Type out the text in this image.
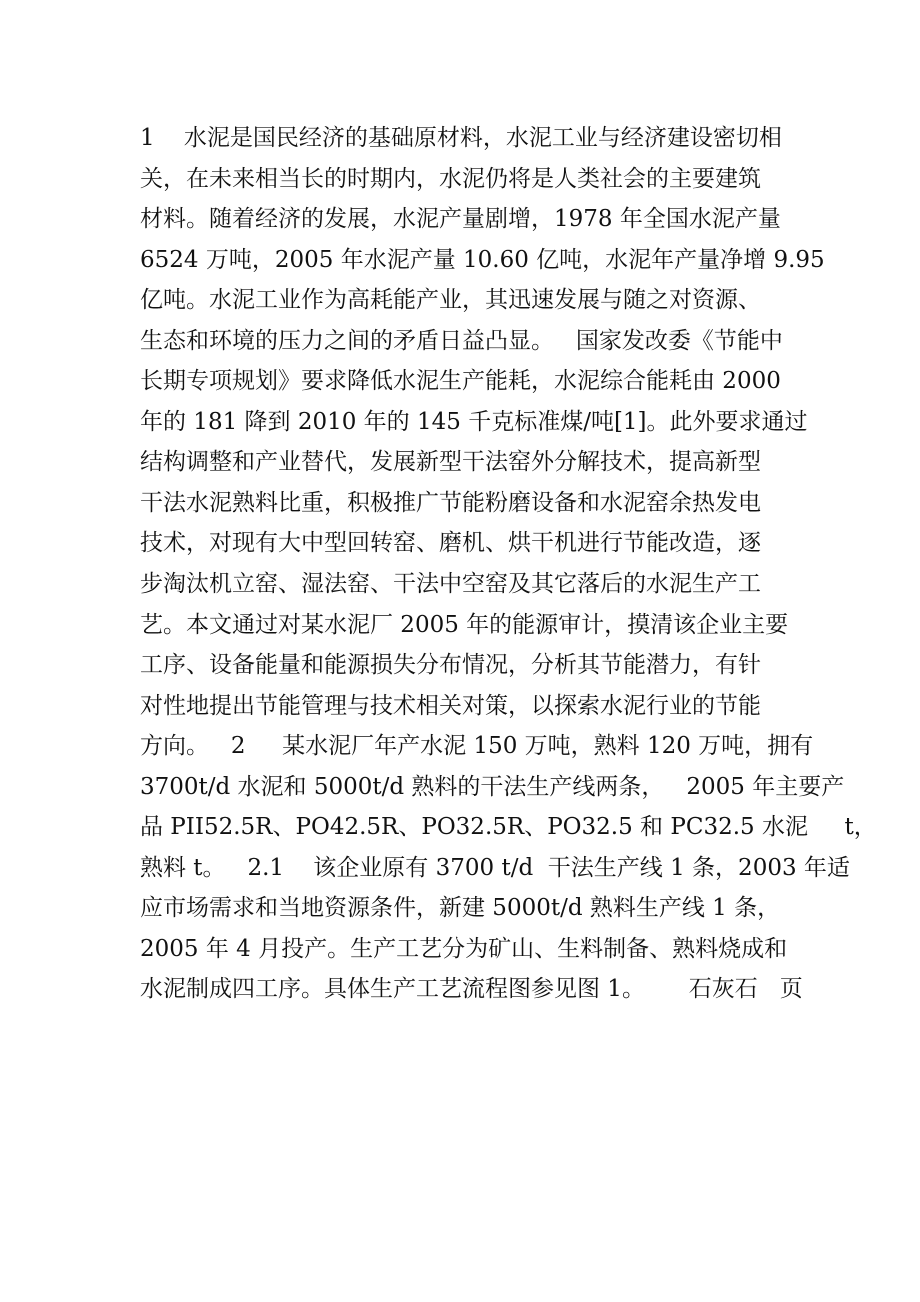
1    水泥是国民经济的基础原材料，水泥工业与经济建设密切相
关，在未来相当长的时期内，水泥仍将是人类社会的主要建筑
材料。随着经济的发展，水泥产量剧增，1978 年全国水泥产量
6524 万吨，2005 年水泥产量 10.60 亿吨，水泥年产量净增 9.95
亿吨。水泥工业作为高耗能产业，其迅速发展与随之对资源、
生态和环境的压力之间的矛盾日益凸显。   国家发改委《节能中
长期专项规划》要求降低水泥生产能耗，水泥综合能耗由 2000
年的 181 降到 2010 年的 145 千克标准煤/吨[1]。此外要求通过
结构调整和产业替代，发展新型干法窑外分解技术，提高新型
干法水泥熟料比重，积极推广节能粉磨设备和水泥窑余热发电
技术，对现有大中型回转窑、磨机、烘干机进行节能改造，逐
步淘汰机立窑、湿法窑、干法中空窑及其它落后的水泥生产工
艺。本文通过对某水泥厂 2005 年的能源审计，摸清该企业主要
工序、设备能量和能源损失分布情况，分析其节能潜力，有针
对性地提出节能管理与技术相关对策，以探索水泥行业的节能
方向。   2     某水泥厂年产水泥 150 万吨，熟料 120 万吨，拥有
3700t/d 水泥和 5000t/d 熟料的干法生产线两条，   2005 年主要产
品 PII52.5R、PO42.5R、PO32.5R、PO32.5 和 PC32.5 水泥     t，
熟料 t。   2.1    该企业原有 3700 t/d  干法生产线 1 条，2003 年适
应市场需求和当地资源条件，新建 5000t/d 熟料生产线 1 条，
2005 年 4 月投产。生产工艺分为矿山、生料制备、熟料烧成和
水泥制成四工序。具体生产工艺流程图参见图 1。      石灰石   页
